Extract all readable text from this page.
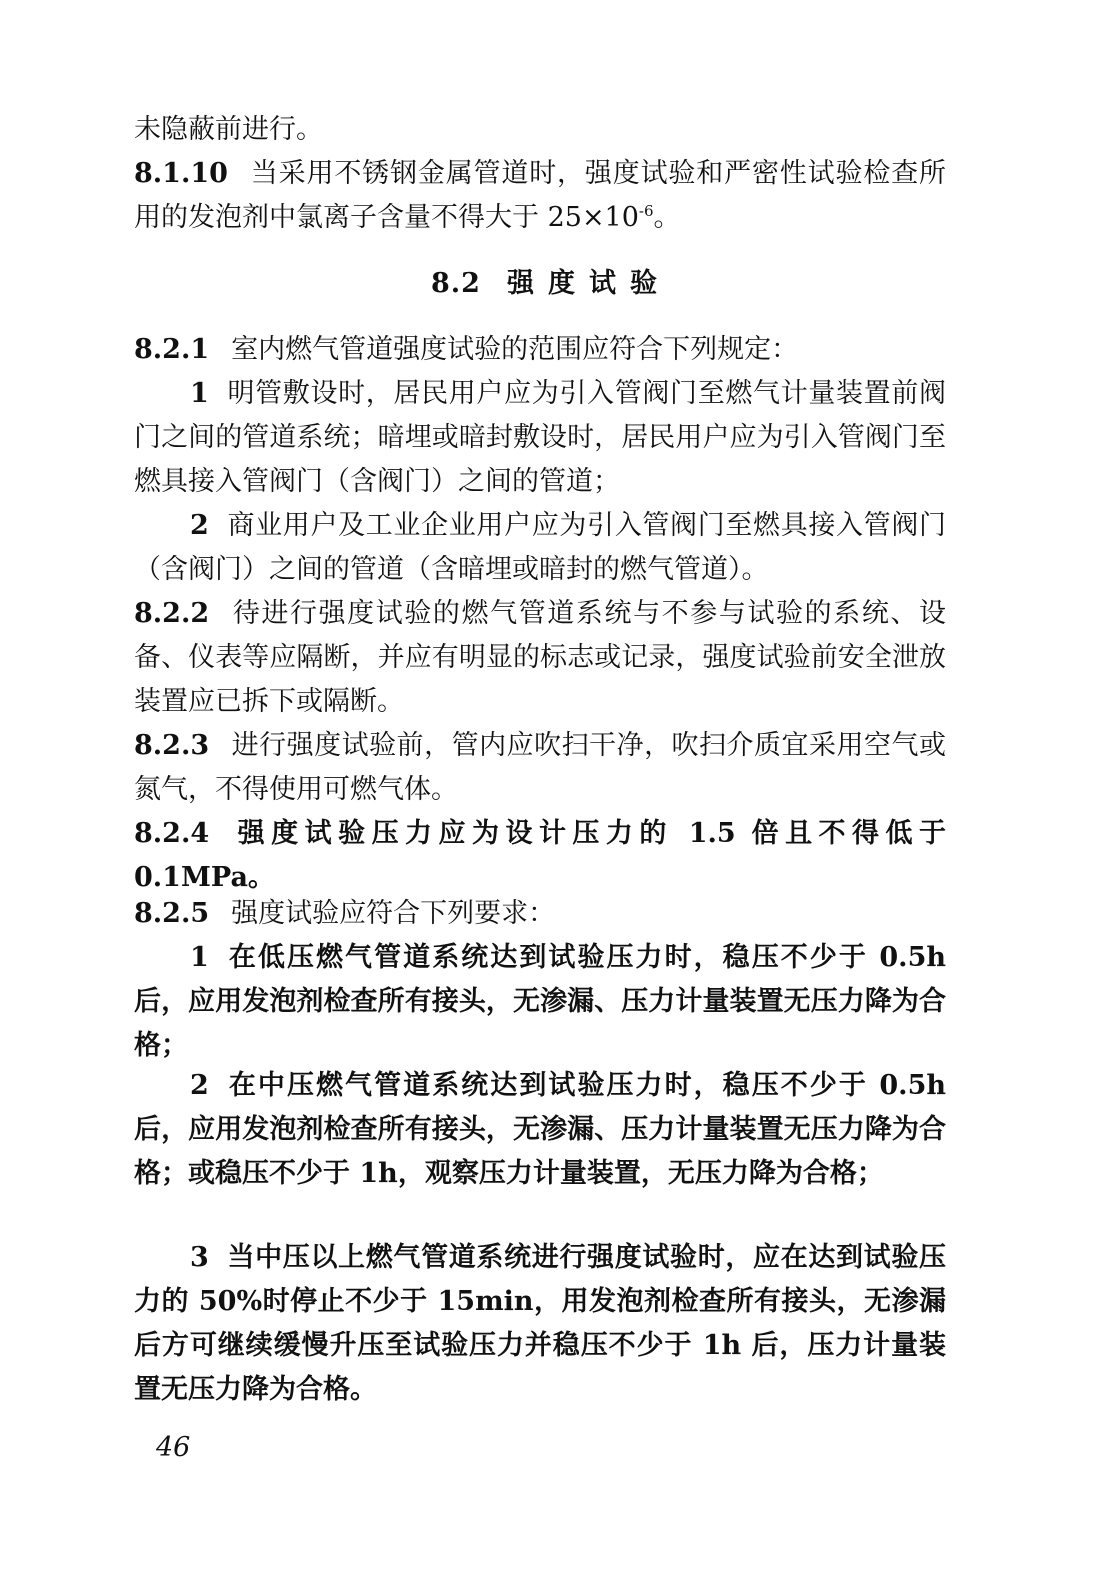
未隐蔽前进行。

8.1.10 当采用不锈钢金属管道时，强度试验和严密性试验检查所用的发泡剂中氯离子含量不得大于 $25\times 10^{-6}$。

8.2 强度试验

8.2.1 室内燃气管道强度试验的范围应符合下列规定：

1 明管敷设时，居民用户应为引入管阀门至燃气计量装置前阀门之间的管道系统；暗埋或暗封敷设时，居民用户应为引入管阀门至燃具接入管阀门（含阀门）之间的管道；

2 商业用户及工业企业用户应为引入管阀门至燃具接入管阀门（含阀门）之间的管道（含暗埋或暗封的燃气管道）。

8.2.2 待进行强度试验的燃气管道系统与不参与试验的系统、设备、仪表等应隔断，并应有明显的标志或记录，强度试验前安全泄放装置应已拆下或隔断。

8.2.3 进行强度试验前，管内应吹扫干净，吹扫介质宜采用空气或氮气，不得使用可燃气体。

8.2.4 强度试验压力应为设计压力的 1.5 倍且不得低于 0.1MPa。

8.2.5 强度试验应符合下列要求：

1 在低压燃气管道系统达到试验压力时，稳压不少于 0.5h 后，应用发泡剂检查所有接头，无渗漏、压力计量装置无压力降为合格；

2 在中压燃气管道系统达到试验压力时，稳压不少于 0.5h 后，应用发泡剂检查所有接头，无渗漏、压力计量装置无压力降为合格；或稳压不少于 1h，观察压力计量装置，无压力降为合格；

3 当中压以上燃气管道系统进行强度试验时，应在达到试验压力的 50%时停止不少于 15min，用发泡剂检查所有接头，无渗漏后方可继续缓慢升压至试验压力并稳压不少于 1h 后，压力计量装置无压力降为合格。

46
